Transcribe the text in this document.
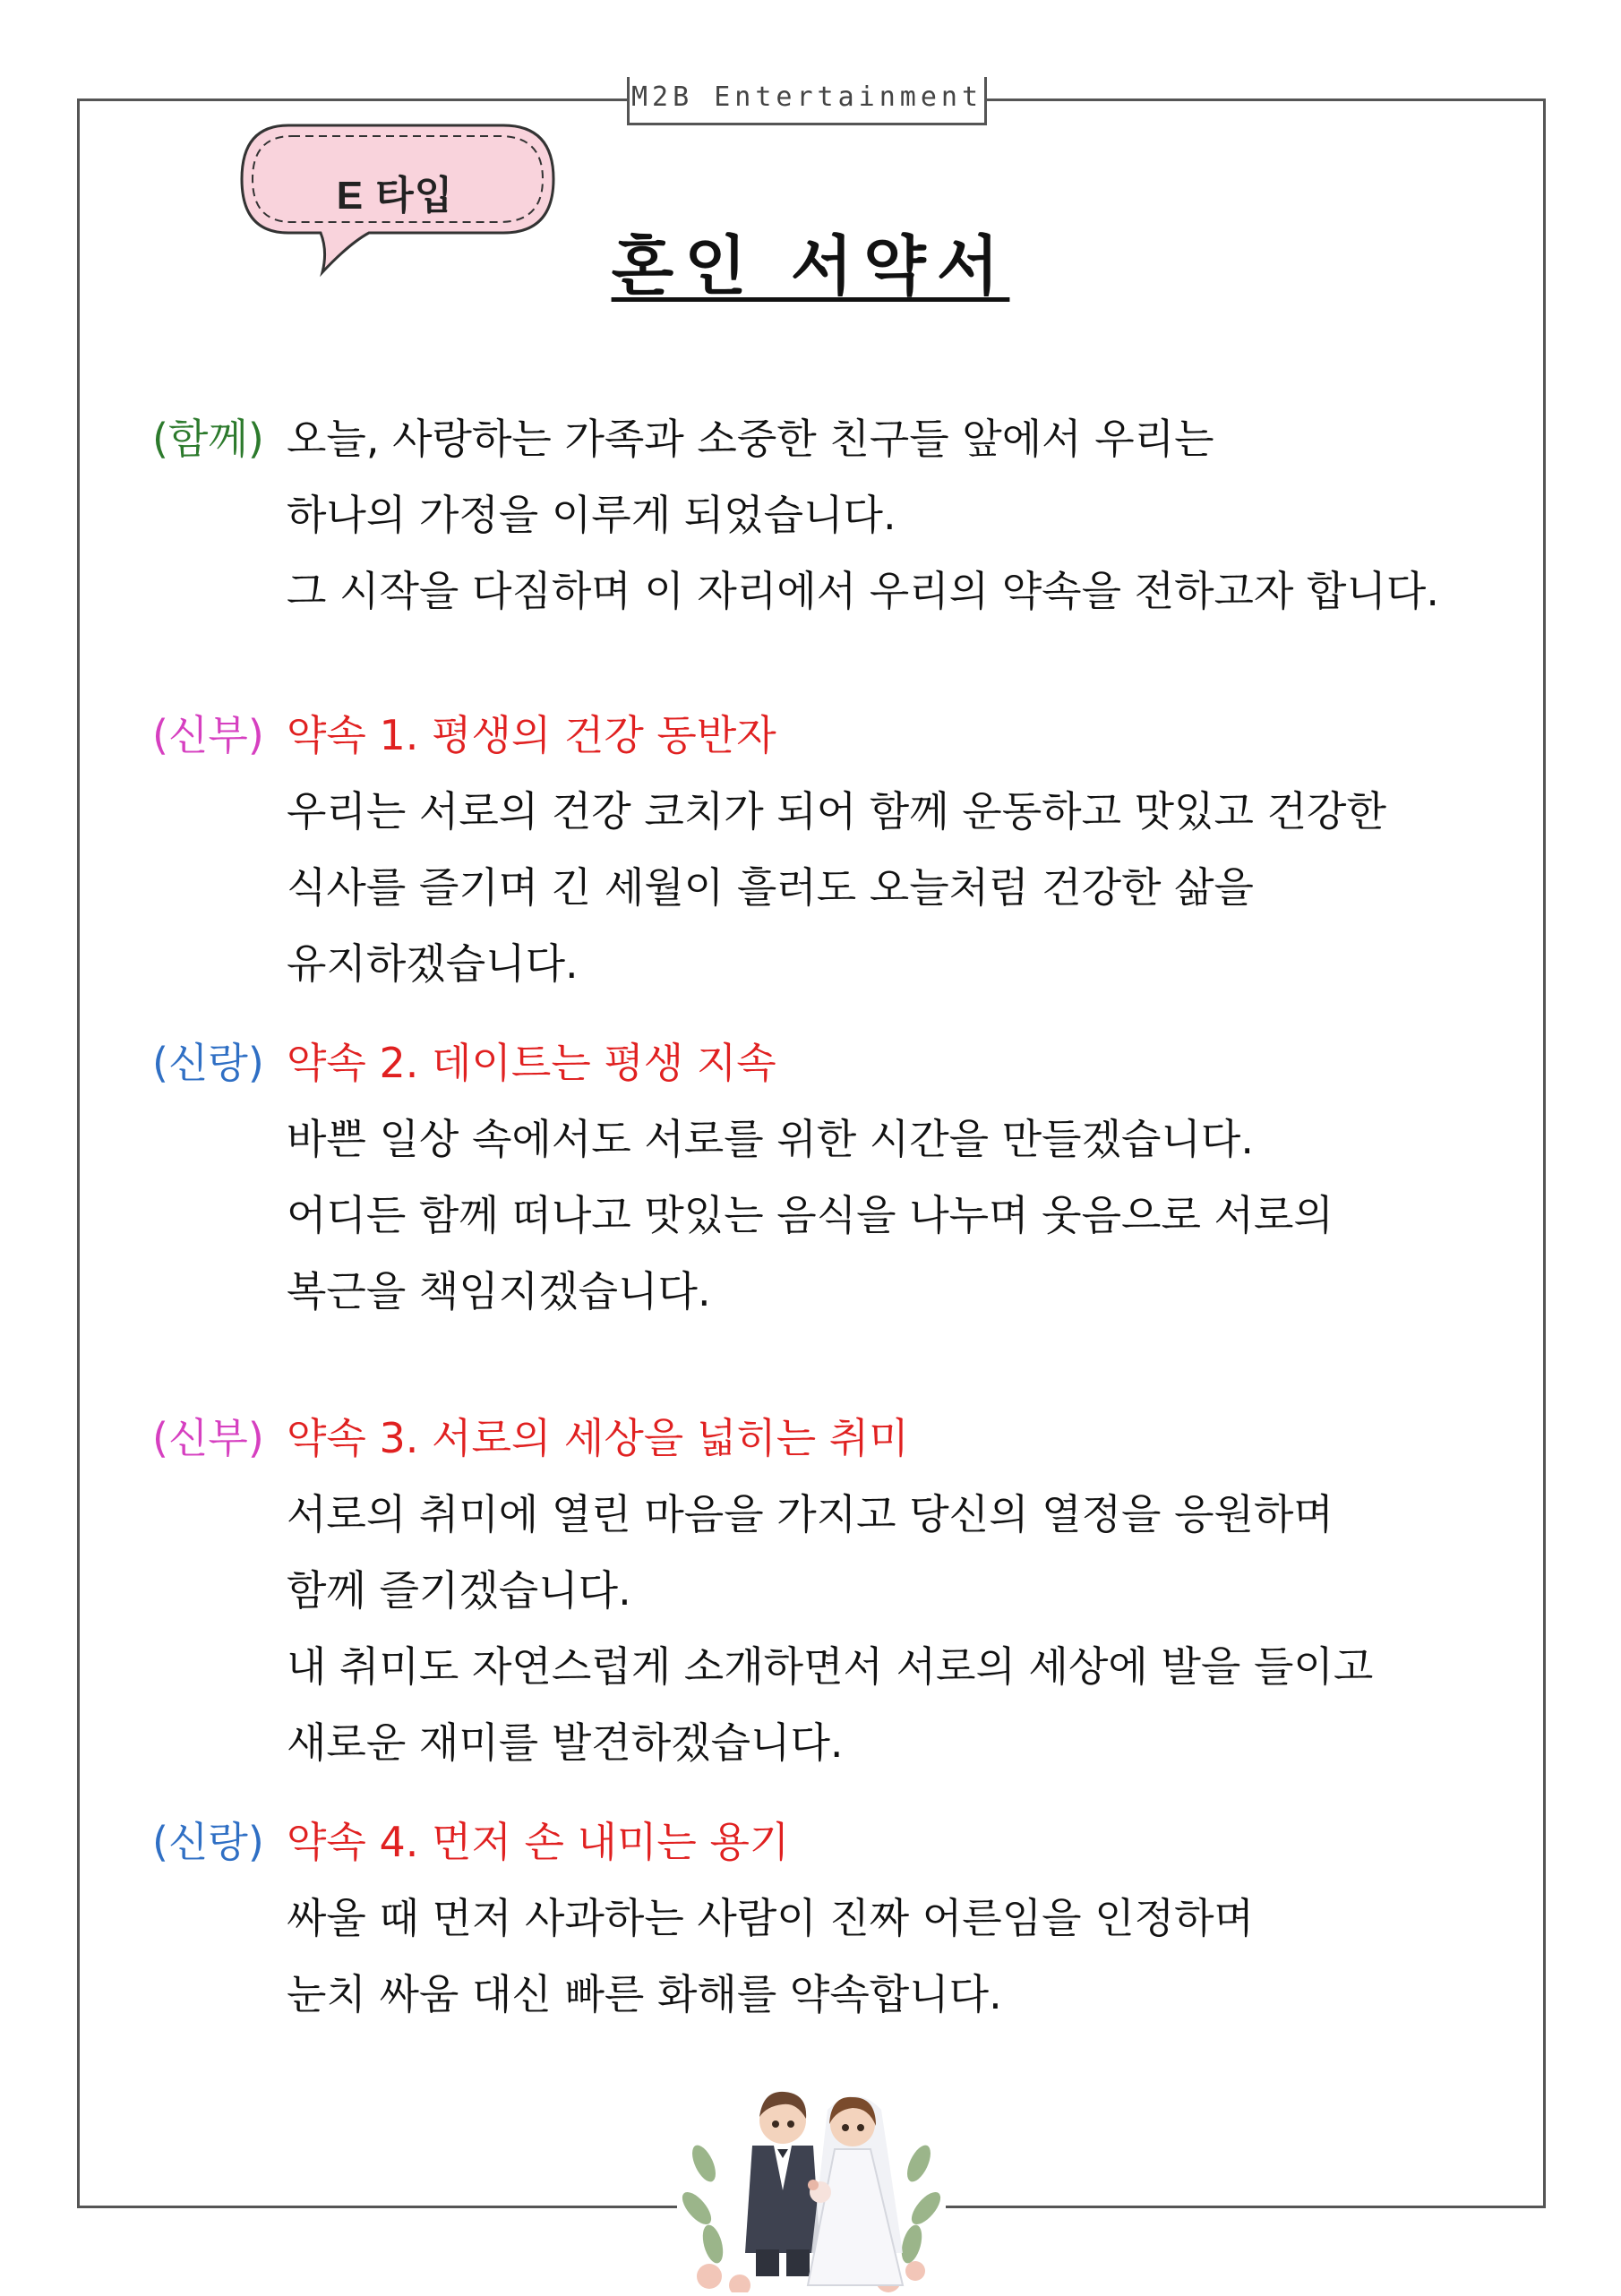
M2B Entertainment
E 타입
혼인 서약서
(함께) 오늘, 사랑하는 가족과 소중한 친구들 앞에서 우리는
하나의 가정을 이루게 되었습니다.
그 시작을 다짐하며 이 자리에서 우리의 약속을 전하고자 합니다.
(신부) 약속 1. 평생의 건강 동반자
우리는 서로의 건강 코치가 되어 함께 운동하고 맛있고 건강한
식사를 즐기며 긴 세월이 흘러도 오늘처럼 건강한 삶을
유지하겠습니다.
(신랑) 약속 2. 데이트는 평생 지속
바쁜 일상 속에서도 서로를 위한 시간을 만들겠습니다.
어디든 함께 떠나고 맛있는 음식을 나누며 웃음으로 서로의
복근을 책임지겠습니다.
(신부) 약속 3. 서로의 세상을 넓히는 취미
서로의 취미에 열린 마음을 가지고 당신의 열정을 응원하며
함께 즐기겠습니다.
내 취미도 자연스럽게 소개하면서 서로의 세상에 발을 들이고
새로운 재미를 발견하겠습니다.
(신랑) 약속 4. 먼저 손 내미는 용기
싸울 때 먼저 사과하는 사람이 진짜 어른임을 인정하며
눈치 싸움 대신 빠른 화해를 약속합니다.
